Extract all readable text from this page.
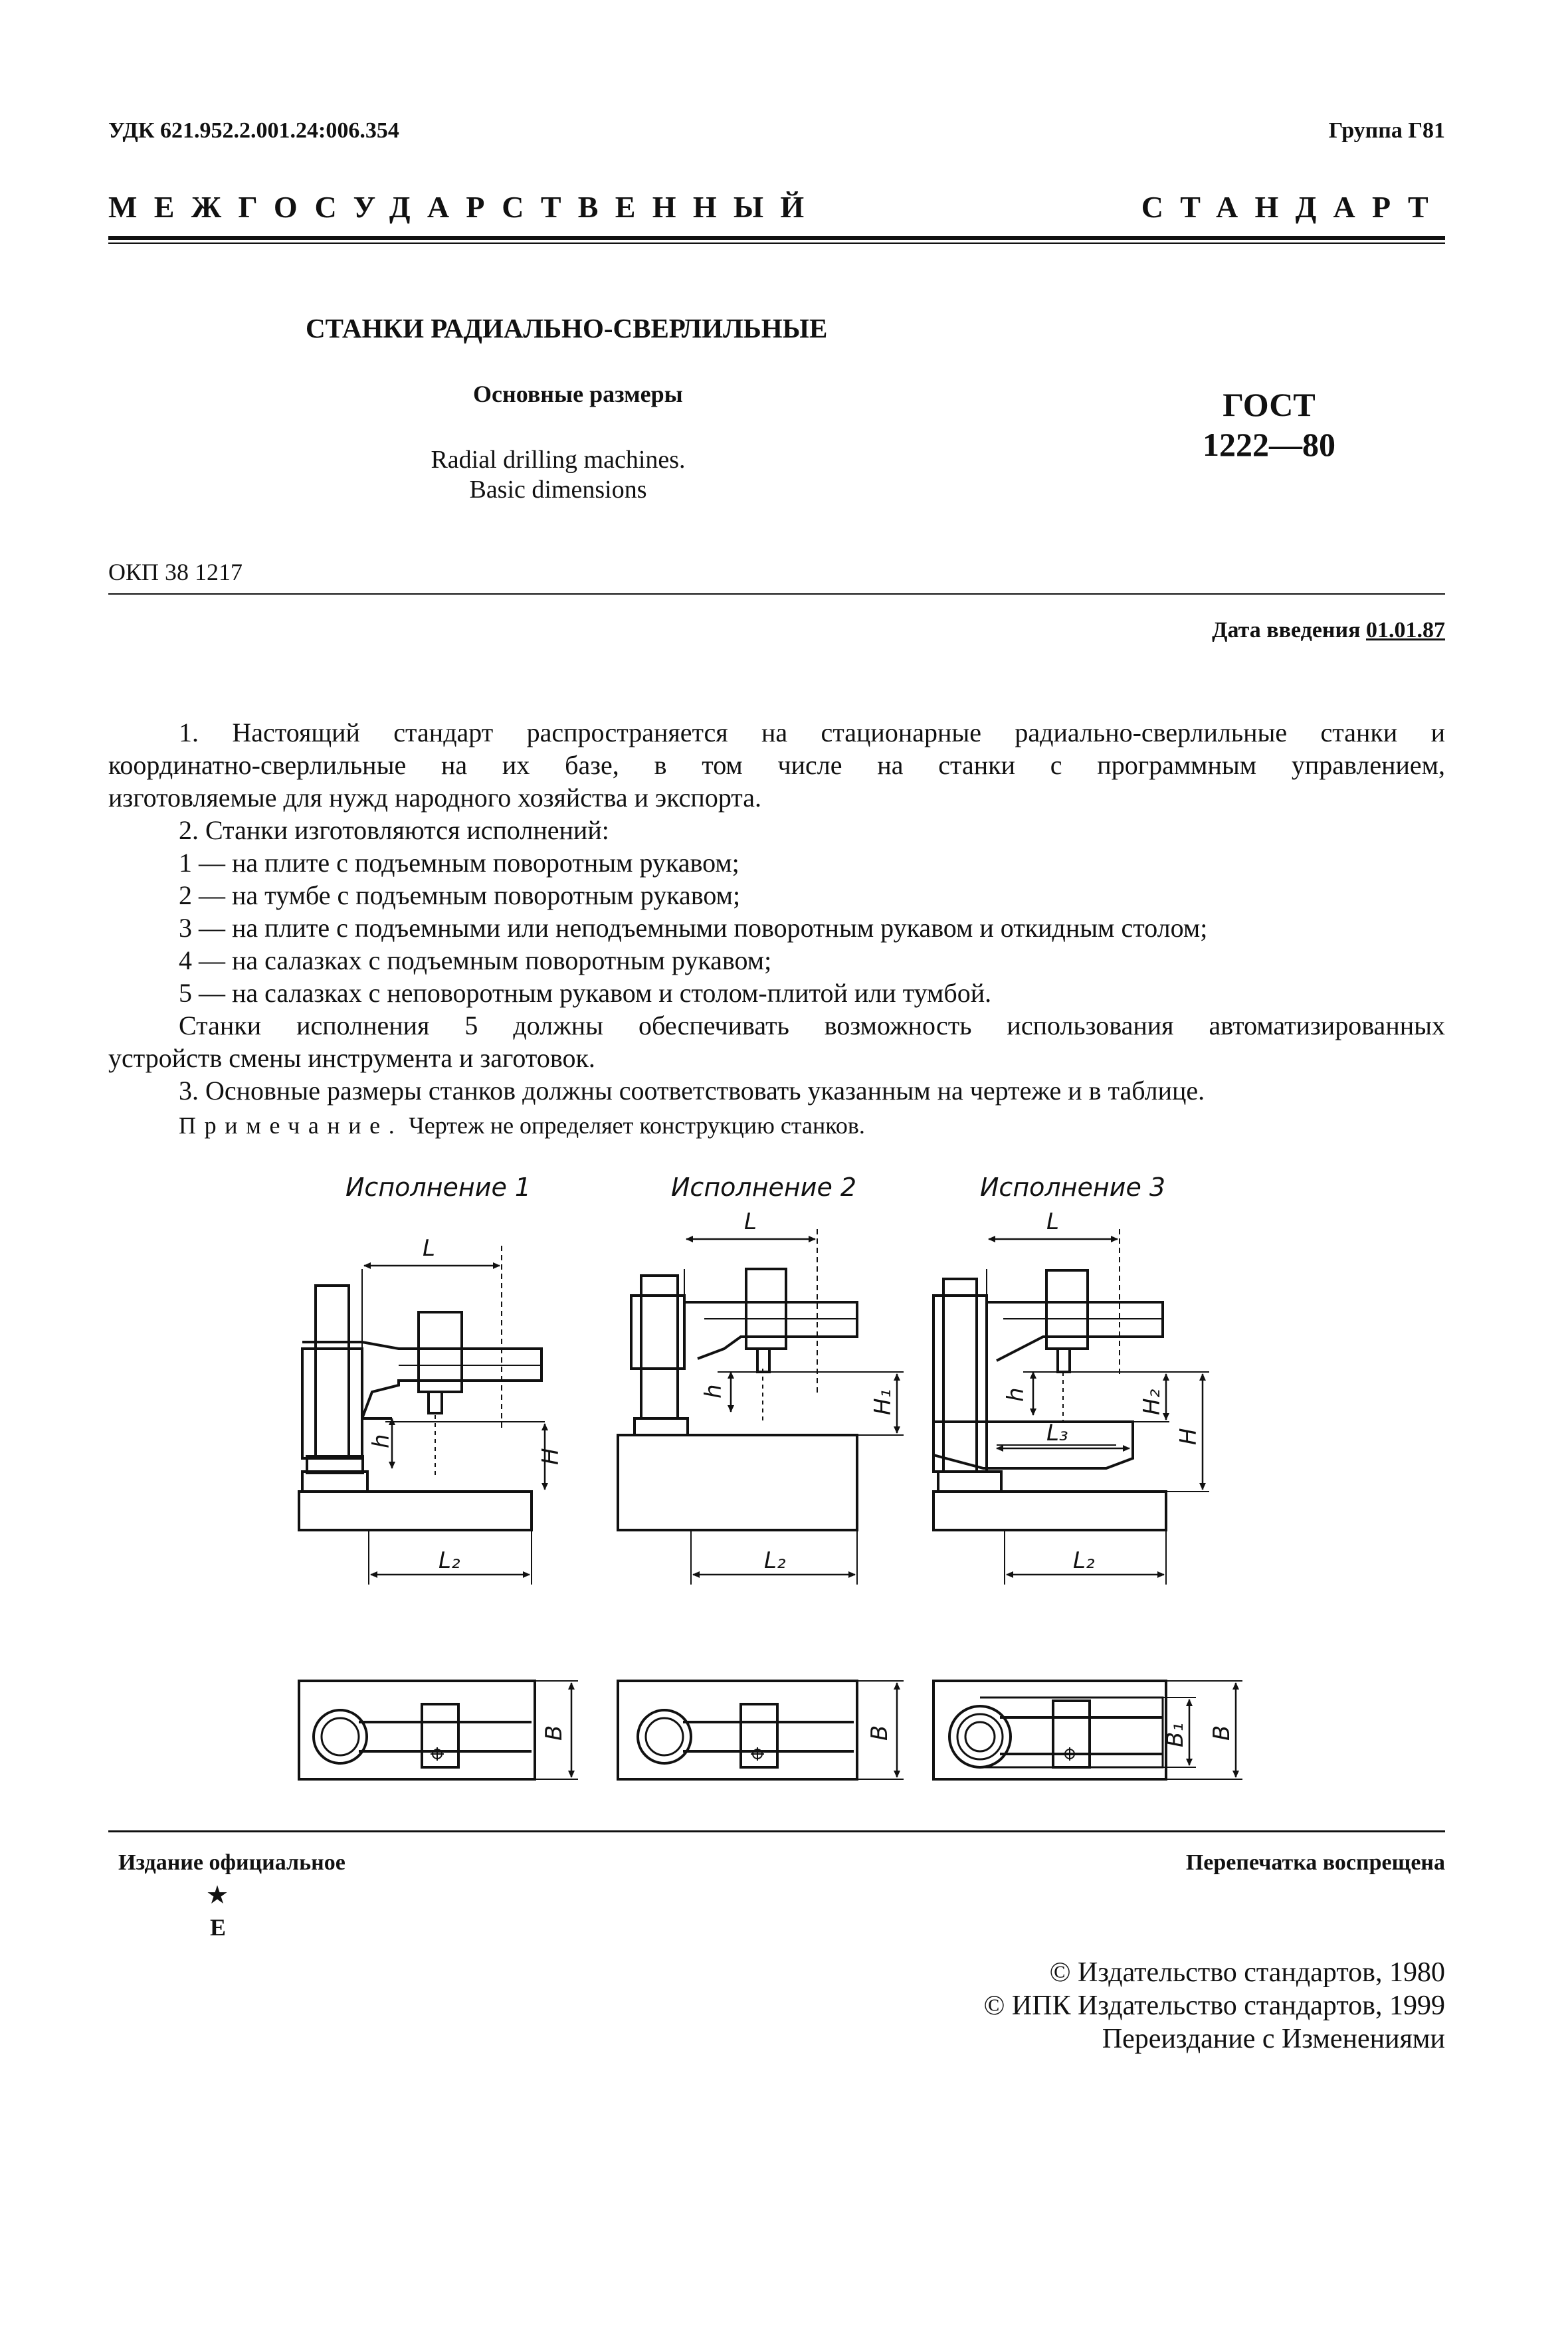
УДК 621.952.2.001.24:006.354	Группа Г81
МЕЖГОСУДАРСТВЕННЫЙ СТАНДАРТ
СТАНКИ РАДИАЛЬНО-СВЕРЛИЛЬНЫЕ
Основные размеры
Radial drilling machines.
Basic dimensions
ГОСТ
1222—80
ОКП 38 1217
Дата введения 01.01.87
1. Настоящий стандарт распространяется на стационарные радиально-сверлильные станки и
координатно-сверлильные на их базе, в том числе на станки с программным управлением,
изготовляемые для нужд народного хозяйства и экспорта.
2. Станки изготовляются исполнений:
1 — на плите с подъемным поворотным рукавом;
2 — на тумбе с подъемным поворотным рукавом;
3 — на плите с подъемными или неподъемными поворотным рукавом и откидным столом;
4 — на салазках с подъемным поворотным рукавом;
5 — на салазках с неповоротным рукавом и столом-плитой или тумбой.
Станки исполнения 5 должны обеспечивать возможность использования автоматизированных
устройств смены инструмента и заготовок.
3. Основные размеры станков должны соответствовать указанным на чертеже и в таблице.
Примечание. Чертеж не определяет конструкцию станков.
Исполнение 1	Исполнение 2	Исполнение 3
L
L₂
h
H
B
L
L₂
h	H₁
B
L
L₂
L₃
h	H₂
H
B₁ B
Издание официальное	Перепечатка воспрещена
★
E
© Издательство стандартов, 1980
© ИПК Издательство стандартов, 1999
Переиздание с Изменениями
